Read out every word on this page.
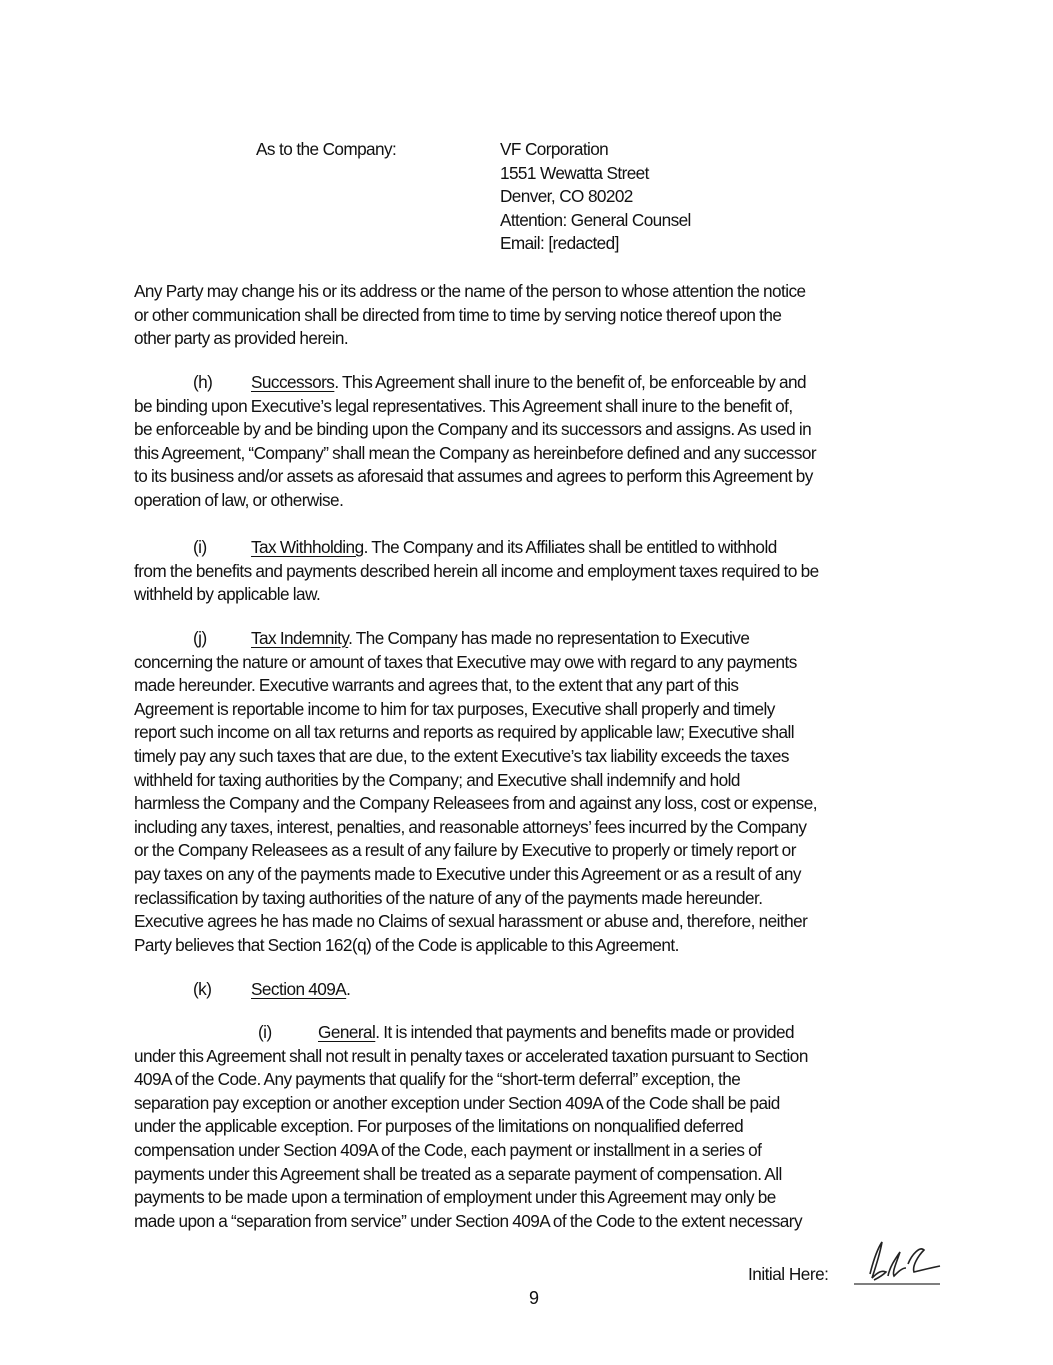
As to the Company:	VF Corporation
1551 Wewatta Street
Denver, CO 80202
Attention: General Counsel
Email: [redacted]
Any Party may change his or its address or the name of the person to whose attention the notice
or other communication shall be directed from time to time by serving notice thereof upon the
other party as provided herein.
(h) Successors. This Agreement shall inure to the benefit of, be enforceable by and
be binding upon Executive’s legal representatives. This Agreement shall inure to the benefit of,
be enforceable by and be binding upon the Company and its successors and assigns. As used in
this Agreement, “Company” shall mean the Company as hereinbefore defined and any successor
to its business and/or assets as aforesaid that assumes and agrees to perform this Agreement by
operation of law, or otherwise.
(i)	Tax Withholding. The Company and its Affiliates shall be entitled to withhold
from the benefits and payments described herein all income and employment taxes required to be
withheld by applicable law.
(j)	Tax Indemnity. The Company has made no representation to Executive
concerning the nature or amount of taxes that Executive may owe with regard to any payments
made hereunder. Executive warrants and agrees that, to the extent that any part of this
Agreement is reportable income to him for tax purposes, Executive shall properly and timely
report such income on all tax returns and reports as required by applicable law; Executive shall
timely pay any such taxes that are due, to the extent Executive’s tax liability exceeds the taxes
withheld for taxing authorities by the Company; and Executive shall indemnify and hold
harmless the Company and the Company Releasees from and against any loss, cost or expense,
including any taxes, interest, penalties, and reasonable attorneys’ fees incurred by the Company
or the Company Releasees as a result of any failure by Executive to properly or timely report or
pay taxes on any of the payments made to Executive under this Agreement or as a result of any
reclassification by taxing authorities of the nature of any of the payments made hereunder.
Executive agrees he has made no Claims of sexual harassment or abuse and, therefore, neither
Party believes that Section 162(q) of the Code is applicable to this Agreement.
(k) Section 409A.
(i)	General. It is intended that payments and benefits made or provided
under this Agreement shall not result in penalty taxes or accelerated taxation pursuant to Section
409A of the Code. Any payments that qualify for the “short-term deferral” exception, the
separation pay exception or another exception under Section 409A of the Code shall be paid
under the applicable exception. For purposes of the limitations on nonqualified deferred
compensation under Section 409A of the Code, each payment or installment in a series of
payments under this Agreement shall be treated as a separate payment of compensation. All
payments to be made upon a termination of employment under this Agreement may only be
made upon a “separation from service” under Section 409A of the Code to the extent necessary
Initial Here:
9
